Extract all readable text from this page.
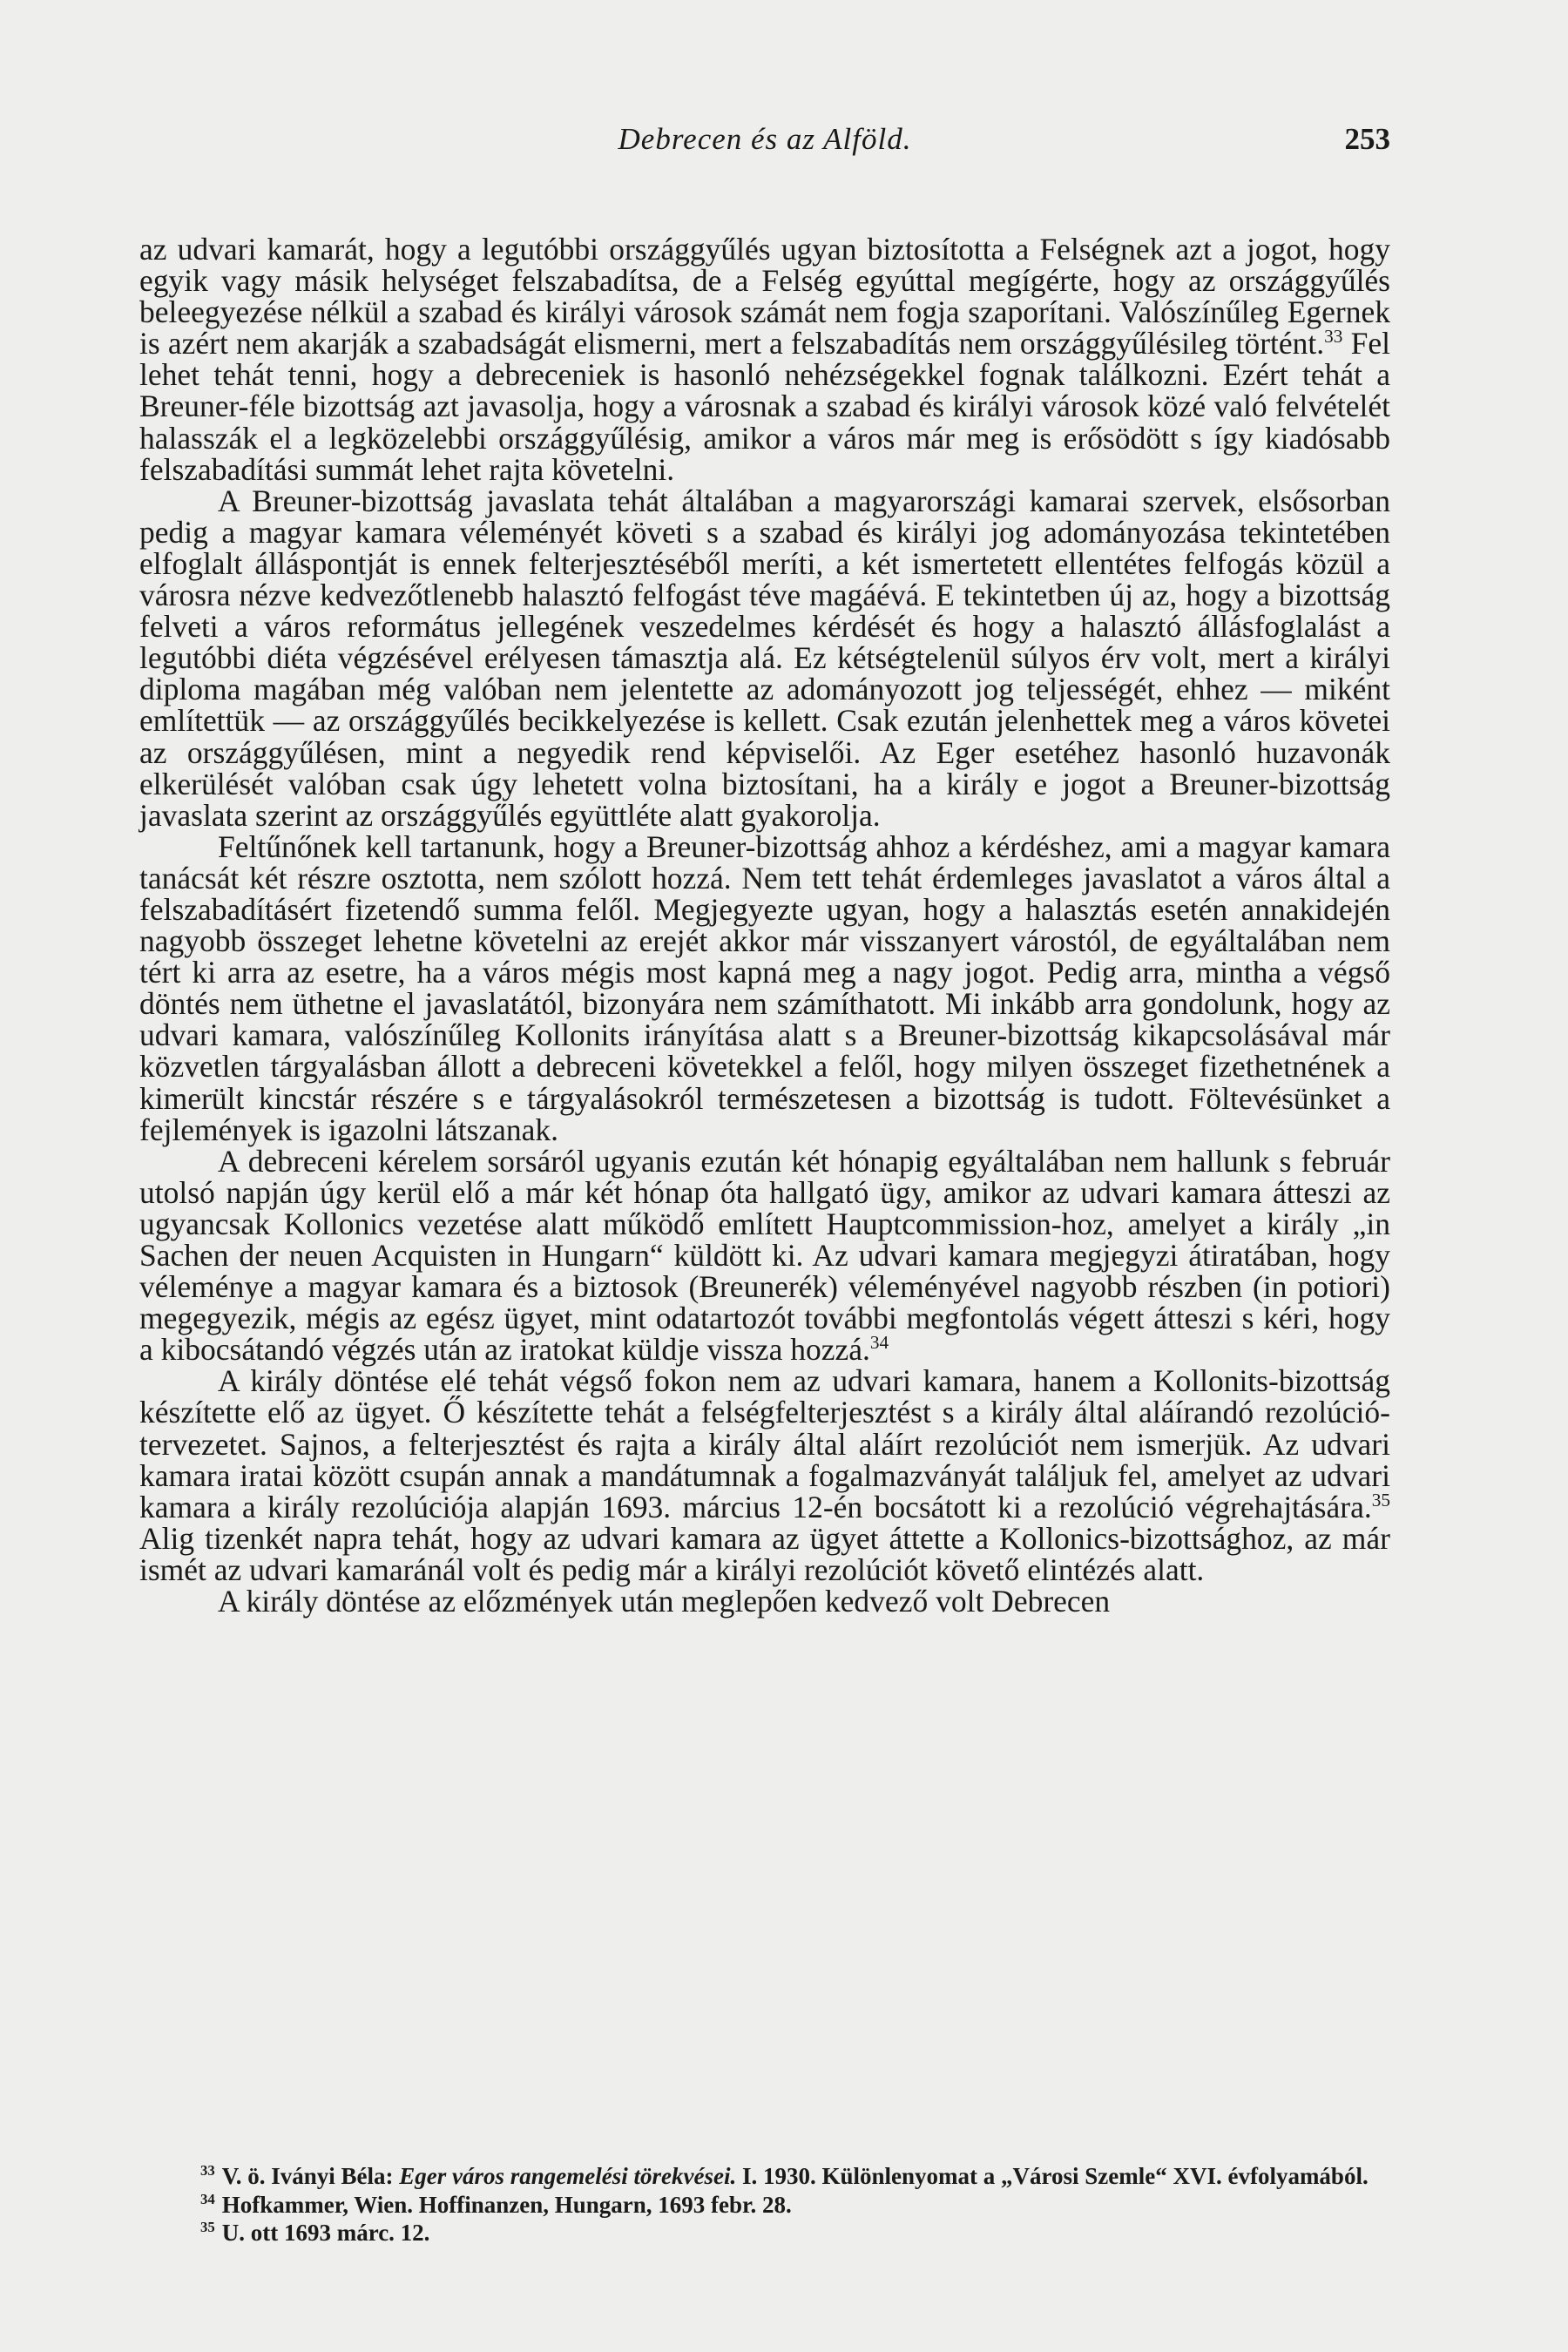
Debrecen és az Alföld.	253

az udvari kamarát, hogy a legutóbbi országgyűlés ugyan biztosította a Felségnek azt a jogot, hogy egyik vagy másik helységet felszabadítsa, de a Felség egyúttal megígérte, hogy az országgyűlés beleegyezése nélkül a szabad és királyi városok számát nem fogja szaporítani. Valószínűleg Egernek is azért nem akarják a szabadságát elismerni, mert a felszabadítás nem országgyűlésileg történt.$^{33}$ Fel lehet tehát tenni, hogy a debreceniek is hasonló nehézségekkel fognak találkozni. Ezért tehát a Breuner-féle bizottság azt javasolja, hogy a városnak a szabad és királyi városok közé való felvételét halasszák el a legközelebbi országgyűlésig, amikor a város már meg is erősödött s így kiadósabb felszabadítási summát lehet rajta követelni.

A Breuner-bizottság javaslata tehát általában a magyarországi kamarai szervek, elsősorban pedig a magyar kamara véleményét követi s a szabad és királyi jog adományozása tekintetében elfoglalt álláspontját is ennek felterjesztéséből meríti, a két ismertetett ellentétes felfogás közül a városra nézve kedvezőtlenebb halasztó felfogást téve magáévá. E tekintetben új az, hogy a bizottság felveti a város református jellegének veszedelmes kérdését és hogy a halasztó állásfoglalást a legutóbbi diéta végzésével erélyesen támasztja alá. Ez kétségtelenül súlyos érv volt, mert a királyi diploma magában még valóban nem jelentette az adományozott jog teljességét, ehhez — miként említettük — az országgyűlés becikkelyezése is kellett. Csak ezután jelenhettek meg a város követei az országgyűlésen, mint a negyedik rend képviselői. Az Eger esetéhez hasonló huzavonák elkerülését valóban csak úgy lehetett volna biztosítani, ha a király e jogot a Breuner-bizottság javaslata szerint az országgyűlés együttléte alatt gyakorolja.

Feltűnőnek kell tartanunk, hogy a Breuner-bizottság ahhoz a kérdéshez, ami a magyar kamara tanácsát két részre osztotta, nem szólott hozzá. Nem tett tehát érdemleges javaslatot a város által a felszabadításért fizetendő summa felől. Megjegyezte ugyan, hogy a halasztás esetén annakidején nagyobb összeget lehetne követelni az erejét akkor már visszanyert várostól, de egyáltalában nem tért ki arra az esetre, ha a város mégis most kapná meg a nagy jogot. Pedig arra, mintha a végső döntés nem üthetne el javaslatától, bizonyára nem számíthatott. Mi inkább arra gondolunk, hogy az udvari kamara, valószínűleg Kollonits irányítása alatt s a Breuner-bizottság kikapcsolásával már közvetlen tárgyalásban állott a debreceni követekkel a felől, hogy milyen összeget fizethetnének a kimerült kincstár részére s e tárgyalásokról természetesen a bizottság is tudott. Föltevésünket a fejlemények is igazolni látszanak.

A debreceni kérelem sorsáról ugyanis ezután két hónapig egyáltalában nem hallunk s február utolsó napján úgy kerül elő a már két hónap óta hallgató ügy, amikor az udvari kamara átteszi az ugyancsak Kollonics vezetése alatt működő említett Hauptcommission-hoz, amelyet a király „in Sachen der neuen Acquisten in Hungarn“ küldött ki. Az udvari kamara megjegyzi átiratában, hogy véleménye a magyar kamara és a biztosok (Breunerék) véleményével nagyobb részben (in potiori) megegyezik, mégis az egész ügyet, mint odatartozót további megfontolás végett átteszi s kéri, hogy a kibocsátandó végzés után az iratokat küldje vissza hozzá.$^{34}$

A király döntése elé tehát végső fokon nem az udvari kamara, hanem a Kollonits-bizottság készítette elő az ügyet. Ő készítette tehát a felségfelterjesztést s a király által aláírandó rezolúció-tervezetet. Sajnos, a felterjesztést és rajta a király által aláírt rezolúciót nem ismerjük. Az udvari kamara iratai között csupán annak a mandátumnak a fogalmazványát találjuk fel, amelyet az udvari kamara a király rezolúciója alapján 1693. március 12-én bocsátott ki a rezolúció végrehajtására.$^{35}$ Alig tizenkét napra tehát, hogy az udvari kamara az ügyet áttette a Kollonics-bizottsághoz, az már ismét az udvari kamaránál volt és pedig már a királyi rezolúciót követő elintézés alatt.

A király döntése az előzmények után meglepően kedvező volt Debrecen

$^{33}$ V. ö. Iványi Béla: Eger város rangemelési törekvései. I. 1930. Különlenyomat a „Városi Szemle“ XVI. évfolyamából.

$^{34}$ Hofkammer, Wien. Hoffinanzen, Hungarn, 1693 febr. 28.

$^{35}$ U. ott 1693 márc. 12.
